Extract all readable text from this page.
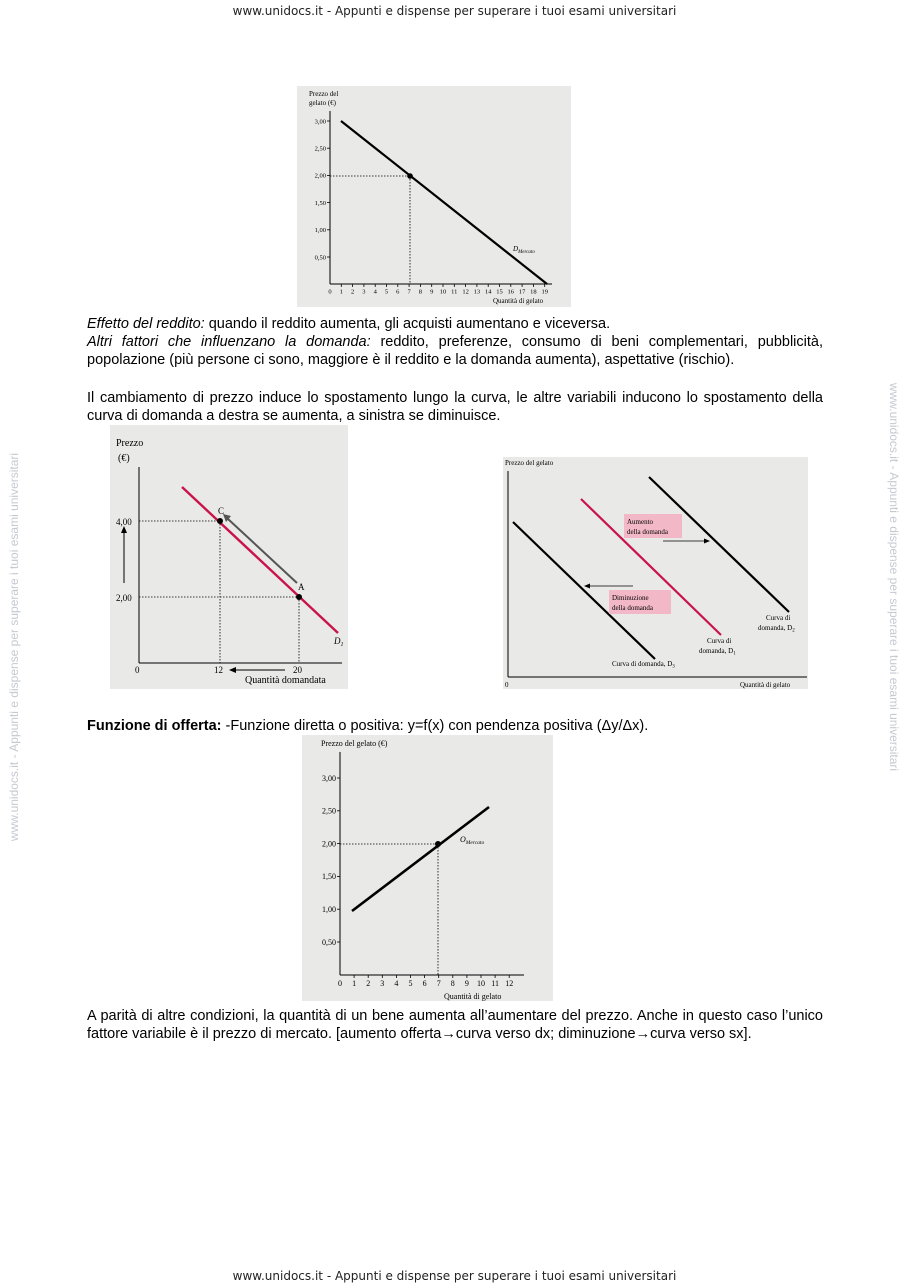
www.unidocs.it - Appunti e dispense per superare i tuoi esami universitari	www.unidocs.it - Appunti e dispense per superare i tuoi esami universitari
www.unidocs.it - Appunti e dispense per superare i tuoi esami universitari
www.unidocs.it - Appunti e dispense per superare i tuoi esami universitari
Prezzo del
gelato (€)
3,00
2,50
2,00
1,50
1,00
0,50
0 1 2 3 4 5 6 7 8 9 10 11 12 13 14 15 16 17 18 19
$D_{Mercato}$
Quantità di gelato
Effetto del reddito: quando il reddito aumenta, gli acquisti aumentano e viceversa.
Altri fattori che influenzano la domanda: reddito, preferenze, consumo di beni complementari, pubblicità, popolazione (più persone ci sono, maggiore è il reddito e la domanda aumenta), aspettative (rischio).
Il cambiamento di prezzo induce lo spostamento lungo la curva, le altre variabili inducono lo spostamento della curva di domanda a destra se aumenta, a sinistra se diminuisce.
Prezzo
(€)
4,00
2,00
C
A
$D_1$
0	12	20
Quantità domandata
Prezzo del gelato
0	Quantità di gelato
Aumento
della domanda
Diminuzione
della domanda
Curva di
domanda, $D_2$
Curva di
domanda, $D_1$
Curva di domanda, $D_3$
Funzione di offerta: -Funzione diretta o positiva: y=f(x) con pendenza positiva (Δy/Δx).
Prezzo del gelato (€)
3,00
2,50
2,00
1,50
1,00
0,50
0 1 2 3 4 5 6 7 8 9 10 11 12
$O_{Mercato}$
Quantità di gelato
A parità di altre condizioni, la quantità di un bene aumenta all’aumentare del prezzo. Anche in questo caso l’unico fattore variabile è il prezzo di mercato. [aumento offerta→curva verso dx; diminuzione→curva verso sx].
